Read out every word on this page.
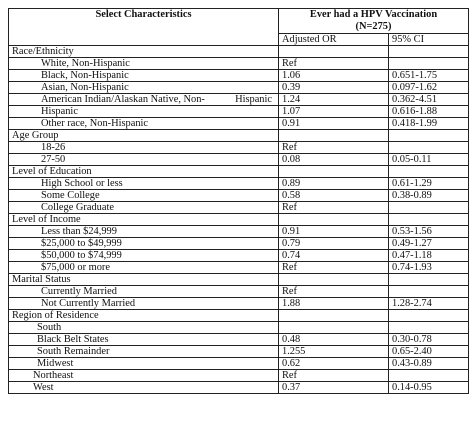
Select Characteristics	Ever had a HPV Vaccination
(N=275)	

	Adjusted OR	95% CI
Race/Ethnicity		
White, Non-Hispanic	Ref	
Black, Non-Hispanic	1.06	0.651-1.75
Asian, Non-Hispanic	0.39	0.097-1.62

American Indian/Alaskan Native, Non- Hispanic	1.24	0.362-4.51
Hispanic	1.07	0.616-1.88
Other race, Non-Hispanic	0.91	0.418-1.99
Age Group		
18-26	Ref	
27-50	0.08	0.05-0.11
Level of Education		
High School or less	0.89	0.61-1.29
Some College	0.58	0.38-0.89
College Graduate	Ref	
Level of Income		
Less than $24,999	0.91	0.53-1.56
$25,000 to $49,999	0.79	0.49-1.27
$50,000 to $74,999	0.74	0.47-1.18
$75,000 or more	Ref	0.74-1.93
Marital Status		
Currently Married	Ref	
Not Currently Married	1.88	1.28-2.74
Region of Residence		
South		
Black Belt States	0.48	0.30-0.78
South Remainder	1.255	0.65-2.40
Midwest	0.62	0.43-0.89
Northeast	Ref	
West	0.37	0.14-0.95
